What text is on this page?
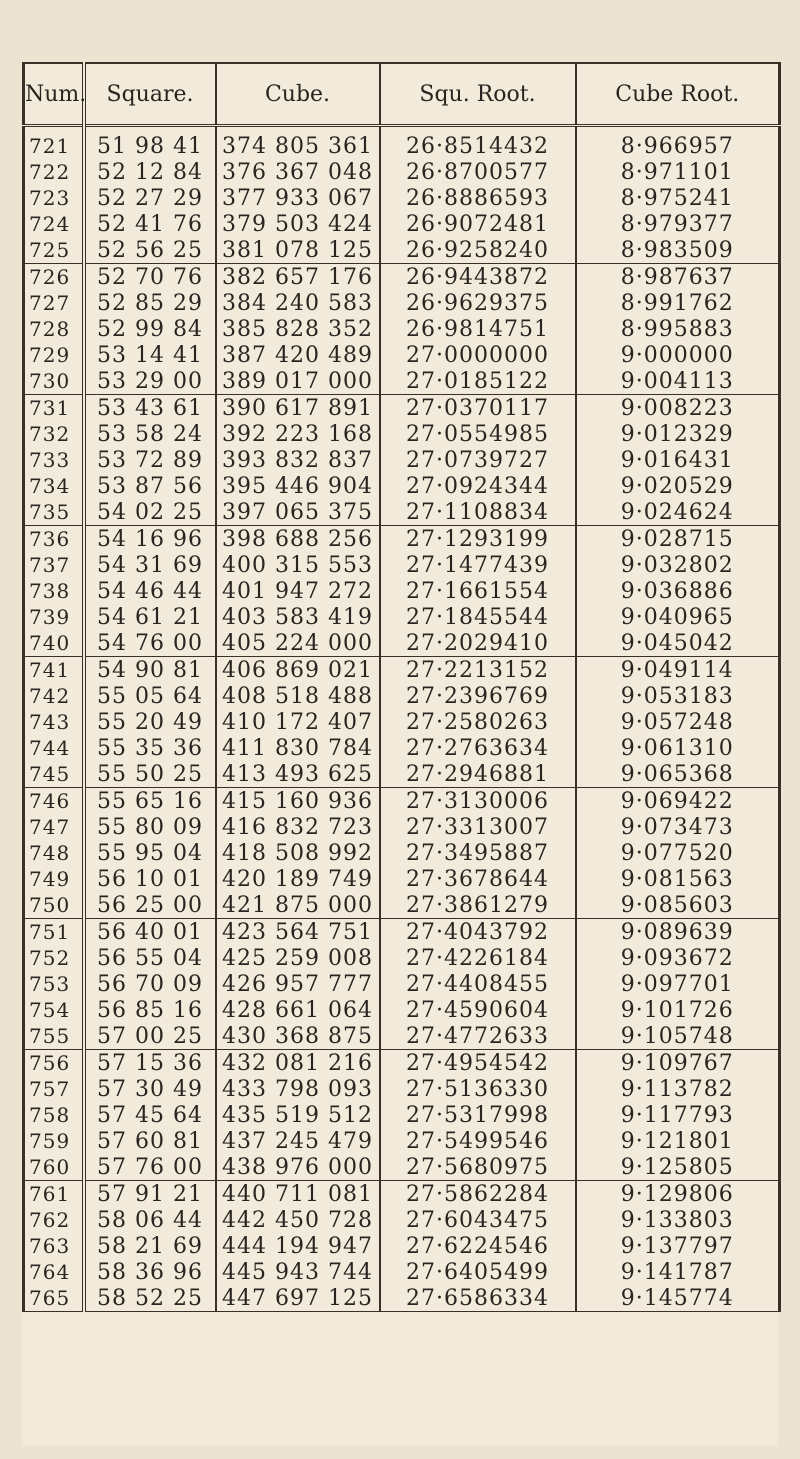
Num.	Square.	Cube.	Squ. Root.	Cube Root.
721	51 98 41	374 805 361	26·8514432	8·966957
722	52 12 84	376 367 048	26·8700577	8·971101
723	52 27 29	377 933 067	26·8886593	8·975241
724	52 41 76	379 503 424	26·9072481	8·979377
725	52 56 25	381 078 125	26·9258240	8·983509
726	52 70 76	382 657 176	26·9443872	8·987637
727	52 85 29	384 240 583	26·9629375	8·991762
728	52 99 84	385 828 352	26·9814751	8·995883
729	53 14 41	387 420 489	27·0000000	9·000000
730	53 29 00	389 017 000	27·0185122	9·004113
731	53 43 61	390 617 891	27·0370117	9·008223
732	53 58 24	392 223 168	27·0554985	9·012329
733	53 72 89	393 832 837	27·0739727	9·016431
734	53 87 56	395 446 904	27·0924344	9·020529
735	54 02 25	397 065 375	27·1108834	9·024624
736	54 16 96	398 688 256	27·1293199	9·028715
737	54 31 69	400 315 553	27·1477439	9·032802
738	54 46 44	401 947 272	27·1661554	9·036886
739	54 61 21	403 583 419	27·1845544	9·040965
740	54 76 00	405 224 000	27·2029410	9·045042
741	54 90 81	406 869 021	27·2213152	9·049114
742	55 05 64	408 518 488	27·2396769	9·053183
743	55 20 49	410 172 407	27·2580263	9·057248
744	55 35 36	411 830 784	27·2763634	9·061310
745	55 50 25	413 493 625	27·2946881	9·065368
746	55 65 16	415 160 936	27·3130006	9·069422
747	55 80 09	416 832 723	27·3313007	9·073473
748	55 95 04	418 508 992	27·3495887	9·077520
749	56 10 01	420 189 749	27·3678644	9·081563
750	56 25 00	421 875 000	27·3861279	9·085603
751	56 40 01	423 564 751	27·4043792	9·089639
752	56 55 04	425 259 008	27·4226184	9·093672
753	56 70 09	426 957 777	27·4408455	9·097701
754	56 85 16	428 661 064	27·4590604	9·101726
755	57 00 25	430 368 875	27·4772633	9·105748
756	57 15 36	432 081 216	27·4954542	9·109767
757	57 30 49	433 798 093	27·5136330	9·113782
758	57 45 64	435 519 512	27·5317998	9·117793
759	57 60 81	437 245 479	27·5499546	9·121801
760	57 76 00	438 976 000	27·5680975	9·125805
761	57 91 21	440 711 081	27·5862284	9·129806
762	58 06 44	442 450 728	27·6043475	9·133803
763	58 21 69	444 194 947	27·6224546	9·137797
764	58 36 96	445 943 744	27·6405499	9·141787
765	58 52 25	447 697 125	27·6586334	9·145774
